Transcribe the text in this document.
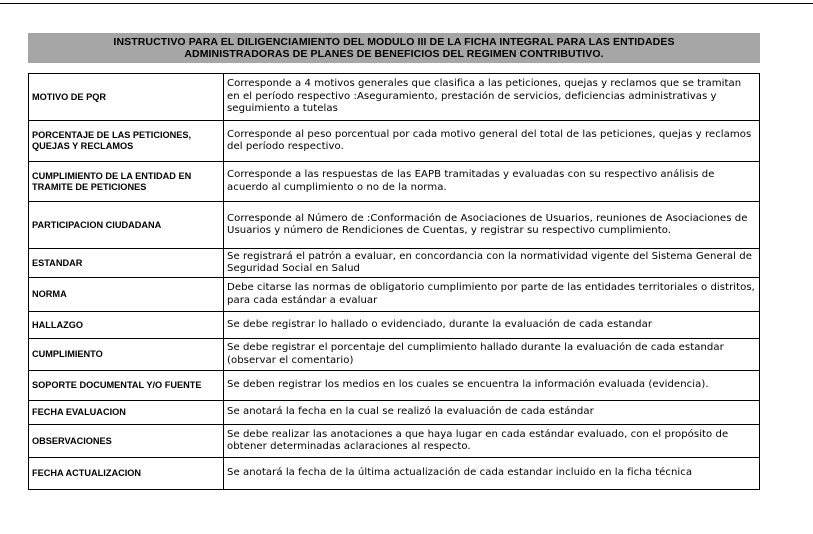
INSTRUCTIVO PARA EL DILIGENCIAMIENTO DEL MODULO III DE LA FICHA INTEGRAL PARA LAS ENTIDADES
ADMINISTRADORAS DE PLANES DE BENEFICIOS DEL REGIMEN CONTRIBUTIVO.
MOTIVO DE PQR	Corresponde a 4 motivos generales que clasifica a las peticiones, quejas y reclamos que se tramitan en el período respectivo :Aseguramiento, prestación de servicios, deficiencias administrativas y seguimiento a tutelas
PORCENTAJE DE LAS PETICIONES, QUEJAS Y RECLAMOS	Corresponde al peso porcentual por cada motivo general del total de las peticiones, quejas y reclamos del período respectivo.
CUMPLIMIENTO DE LA ENTIDAD EN TRAMITE DE PETICIONES	Corresponde a las respuestas de las EAPB tramitadas y evaluadas con su respectivo análisis de acuerdo al cumplimiento o no de la norma.
PARTICIPACION CIUDADANA	Corresponde al Número de :Conformación de Asociaciones de Usuarios, reuniones de Asociaciones de Usuarios y número de Rendiciones de Cuentas, y registrar su respectivo cumplimiento.
ESTANDAR	Se registrará el patrón a evaluar, en concordancia con la normatividad vigente del Sistema General de Seguridad Social en Salud
NORMA	Debe citarse las normas de obligatorio cumplimiento por parte de las entidades territoriales o distritos, para cada estándar a evaluar
HALLAZGO	Se debe registrar lo hallado o evidenciado, durante la evaluación de cada estandar
CUMPLIMIENTO	Se debe registrar el porcentaje del cumplimiento hallado durante la evaluación de cada estandar (observar el comentario)
SOPORTE DOCUMENTAL Y/O FUENTE	Se deben registrar los medios en los cuales se encuentra la información evaluada (evidencia).
FECHA EVALUACION	Se anotará la fecha en la cual se realizó la evaluación de cada estándar
OBSERVACIONES	Se debe realizar las anotaciones a que haya lugar en cada estándar evaluado, con el propósito de obtener determinadas aclaraciones al respecto.
FECHA ACTUALIZACION	Se anotará la fecha de la última actualización de cada estandar incluido en la ficha técnica
